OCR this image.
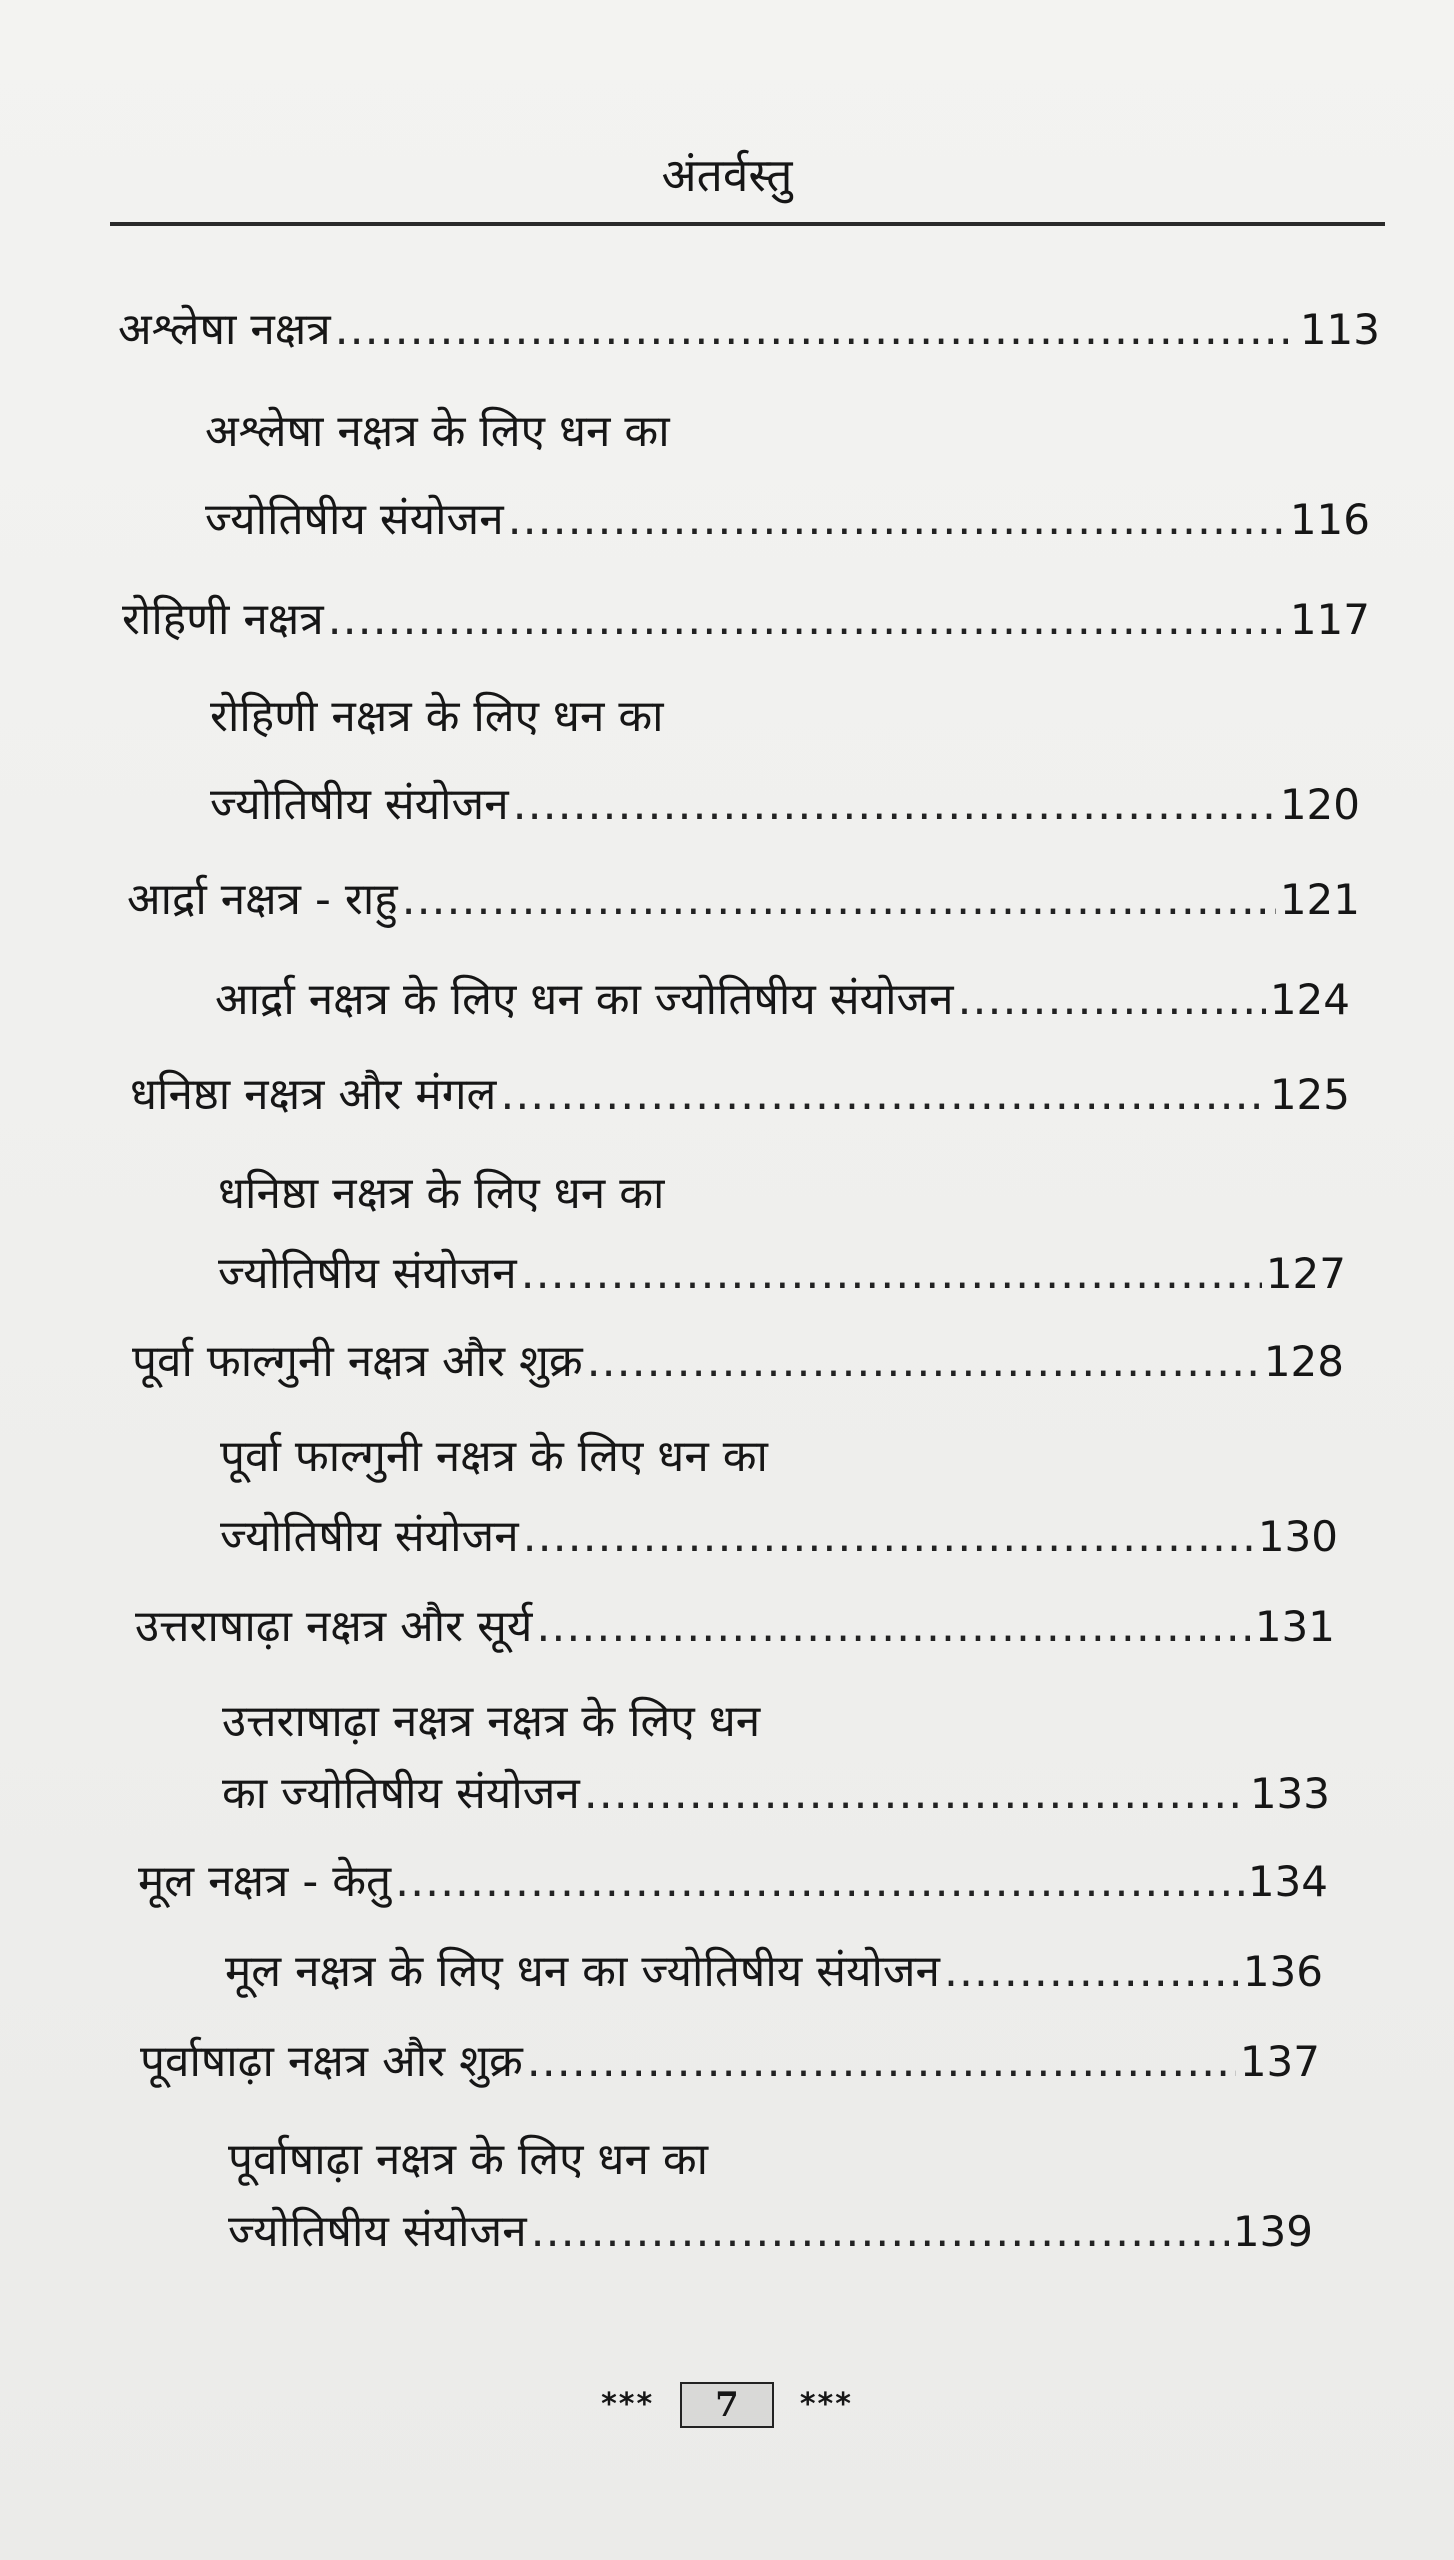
अंतर्वस्तु
अश्लेषा नक्षत्र .....	113
अश्लेषा नक्षत्र के लिए धन का
ज्योतिषीय संयोजन .....	116
रोहिणी नक्षत्र .....	117
रोहिणी नक्षत्र के लिए धन का
ज्योतिषीय संयोजन .....	120
आर्द्रा नक्षत्र - राहु .....	121
आर्द्रा नक्षत्र के लिए धन का ज्योतिषीय संयोजन .....	124
धनिष्ठा नक्षत्र और मंगल .....	125
धनिष्ठा नक्षत्र के लिए धन का
ज्योतिषीय संयोजन .....	127
पूर्वा फाल्गुनी नक्षत्र और शुक्र .....	128
पूर्वा फाल्गुनी नक्षत्र के लिए धन का
ज्योतिषीय संयोजन .....	130
उत्तराषाढ़ा नक्षत्र और सूर्य .....	131
उत्तराषाढ़ा नक्षत्र नक्षत्र के लिए धन
का ज्योतिषीय संयोजन .....	133
मूल नक्षत्र - केतु .....	134
मूल नक्षत्र के लिए धन का ज्योतिषीय संयोजन .....	136
पूर्वाषाढ़ा नक्षत्र और शुक्र .....	137
पूर्वाषाढ़ा नक्षत्र के लिए धन का
ज्योतिषीय संयोजन .....	139
*** 7 ***
